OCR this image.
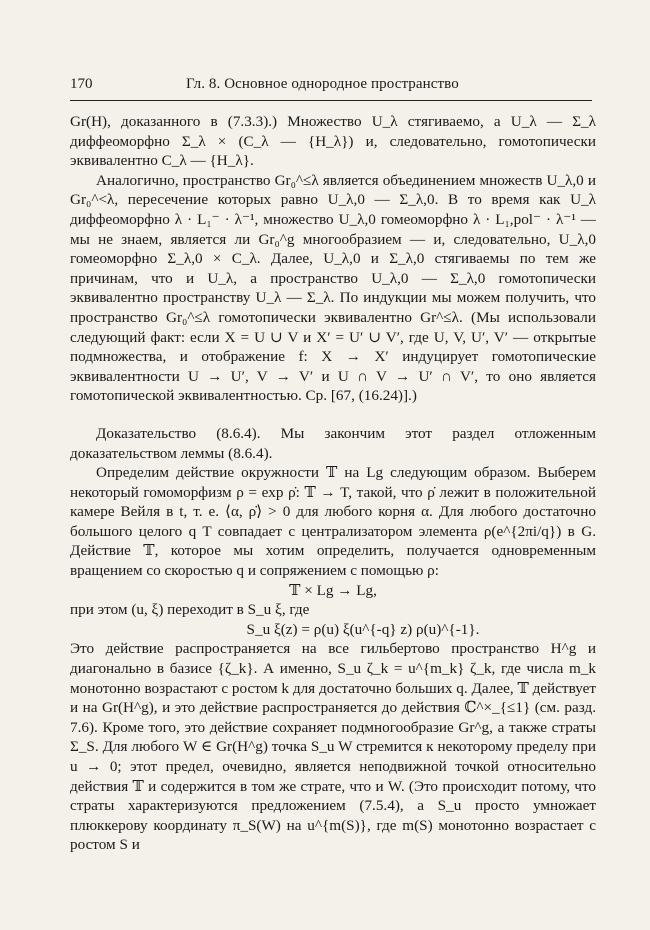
170	Гл. 8. Основное однородное пространство

Gr(H), доказанного в (7.3.3).) Множество U_λ стягиваемо, а U_λ — Σ_λ диффеоморфно Σ_λ × (C_λ — {H_λ}) и, следовательно, гомотопически эквивалентно C_λ — {H_λ}.

Аналогично, пространство Gr₀^≤λ является объединением множеств U_λ,0 и Gr₀^<λ, пересечение которых равно U_λ,0 — Σ_λ,0. В то время как U_λ диффеоморфно λ · L₁⁻ · λ⁻¹, множество U_λ,0 гомеоморфно λ · L₁,pol⁻ · λ⁻¹ — мы не знаем, является ли Gr₀^g многообразием — и, следовательно, U_λ,0 гомеоморфно Σ_λ,0 × C_λ. Далее, U_λ,0 и Σ_λ,0 стягиваемы по тем же причинам, что и U_λ, а пространство U_λ,0 — Σ_λ,0 гомотопически эквивалентно пространству U_λ — Σ_λ. По индукции мы можем получить, что пространство Gr₀^≤λ гомотопически эквивалентно Gr^≤λ. (Мы использовали следующий факт: если X = U ∪ V и X′ = U′ ∪ V′, где U, V, U′, V′ — открытые подмножества, и отображение f: X → X′ индуцирует гомотопические эквивалентности U → U′, V → V′ и U ∩ V → U′ ∩ V′, то оно является гомотопической эквивалентностью. Ср. [67, (16.24)].)

Доказательство (8.6.4). Мы закончим этот раздел отложенным доказательством леммы (8.6.4).

Определим действие окружности 𝕋 на Lg следующим образом. Выберем некоторый гомоморфизм ρ = exp ρ̇: 𝕋 → T, такой, что ρ̇ лежит в положительной камере Вейля в t, т. е. ⟨α, ρ̇⟩ > 0 для любого корня α. Для любого достаточно большого целого q T совпадает с централизатором элемента ρ(e^{2πi/q}) в G. Действие 𝕋, которое мы хотим определить, получается одновременным вращением со скоростью q и сопряжением с помощью ρ:

𝕋 × Lg → Lg,

при этом (u, ξ) переходит в S_u ξ, где

S_u ξ(z) = ρ(u) ξ(u^{-q} z) ρ(u)^{-1}.

Это действие распространяется на все гильбертово пространство H^g и диагонально в базисе {ζ_k}. А именно, S_u ζ_k = u^{m_k} ζ_k, где числа m_k монотонно возрастают с ростом k для достаточно больших q. Далее, 𝕋 действует и на Gr(H^g), и это действие распространяется до действия ℂ^×_{≤1} (см. разд. 7.6). Кроме того, это действие сохраняет подмногообразие Gr^g, а также страты Σ_S. Для любого W ∈ Gr(H^g) точка S_u W стремится к некоторому пределу при u → 0; этот предел, очевидно, является неподвижной точкой относительно действия 𝕋 и содержится в том же страте, что и W. (Это происходит потому, что страты характеризуются предложением (7.5.4), а S_u просто умножает плюккерову координату π_S(W) на u^{m(S)}, где m(S) монотонно возрастает с ростом S и
